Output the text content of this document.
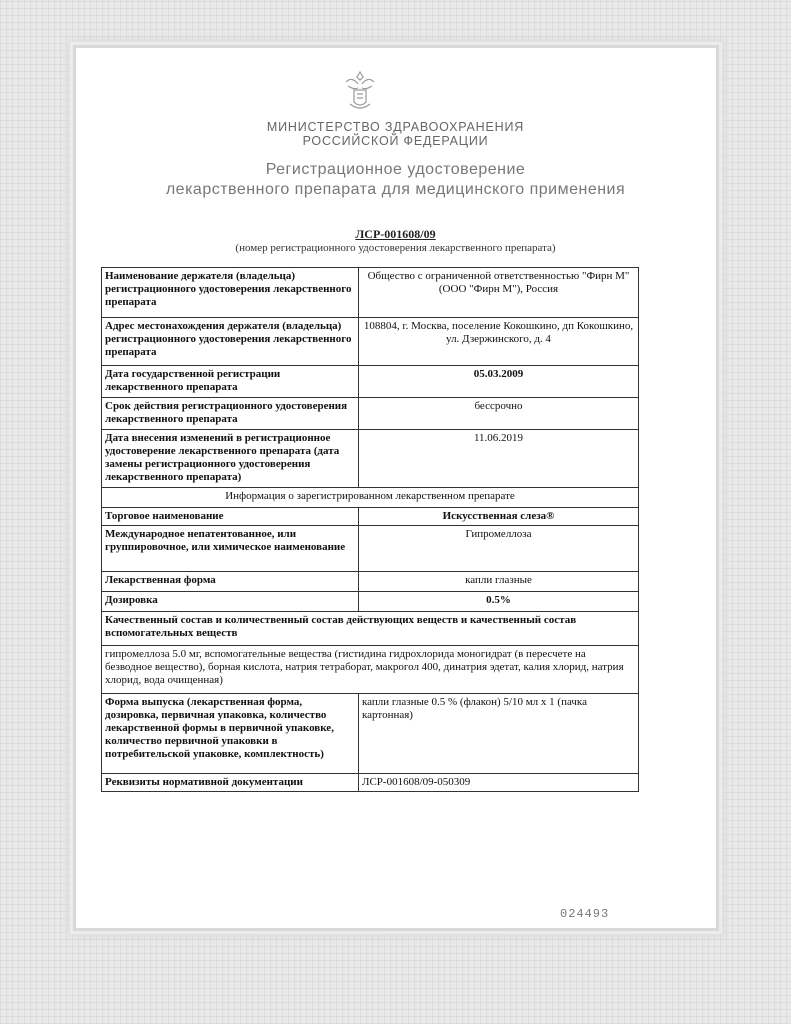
МИНИСТЕРСТВО ЗДРАВООХРАНЕНИЯ
РОССИЙСКОЙ ФЕДЕРАЦИИ
Регистрационное удостоверение
лекарственного препарата для медицинского применения
ЛСР-001608/09
(номер регистрационного удостоверения лекарственного препарата)
Наименование держателя (владельца) регистрационного удостоверения лекарственного препарата	Общество с ограниченной ответственностью "Фирн М" (ООО "Фирн М"), Россия
Адрес местонахождения держателя (владельца) регистрационного удостоверения лекарственного препарата	108804, г. Москва, поселение Кокошкино, дп Кокошкино, ул. Дзержинского, д. 4
Дата государственной регистрации лекарственного препарата	05.03.2009
Срок действия регистрационного удостоверения лекарственного препарата	бессрочно
Дата внесения изменений в регистрационное удостоверение лекарственного препарата (дата замены регистрационного удостоверения лекарственного препарата)	11.06.2019
Информация о зарегистрированном лекарственном препарате	
Торговое наименование	Искусственная слеза®
Международное непатентованное, или группировочное, или химическое наименование	Гипромеллоза
Лекарственная форма	капли глазные
Дозировка	0.5%
Качественный состав и количественный состав действующих веществ и качественный состав вспомогательных веществ	
гипромеллоза 5.0 мг, вспомогательные вещества (гистидина гидрохлорида моногидрат (в пересчете на безводное вещество), борная кислота, натрия тетраборат, макрогол 400, динатрия эдетат, калия хлорид, натрия хлорид, вода очищенная)	
Форма выпуска (лекарственная форма, дозировка, первичная упаковка, количество лекарственной формы в первичной упаковке, количество первичной упаковки в потребительской упаковке, комплектность)	капли глазные 0.5 % (флакон) 5/10 мл х 1 (пачка картонная)
Реквизиты нормативной документации	ЛСР-001608/09-050309
024493
